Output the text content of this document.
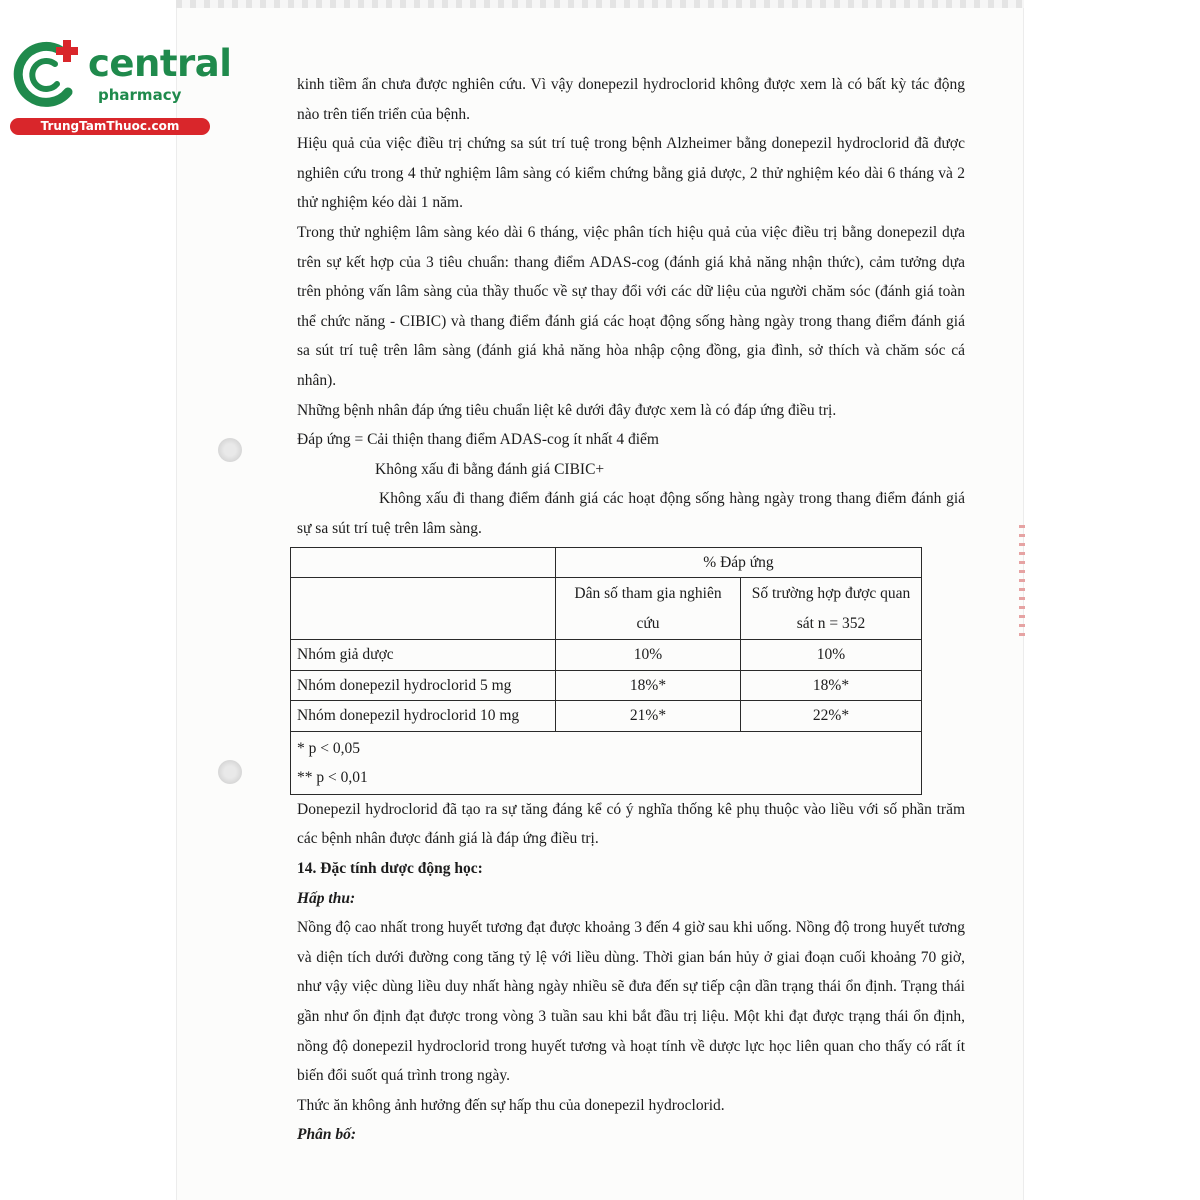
central
pharmacy
TrungTamThuoc.com

kinh tiềm ẩn chưa được nghiên cứu. Vì vậy donepezil hydroclorid không được xem là có bất kỳ tác động nào trên tiến triển của bệnh.

Hiệu quả của việc điều trị chứng sa sút trí tuệ trong bệnh Alzheimer bằng donepezil hydroclorid đã được nghiên cứu trong 4 thử nghiệm lâm sàng có kiểm chứng bằng giả dược, 2 thử nghiệm kéo dài 6 tháng và 2 thử nghiệm kéo dài 1 năm.

Trong thử nghiệm lâm sàng kéo dài 6 tháng, việc phân tích hiệu quả của việc điều trị bằng donepezil dựa trên sự kết hợp của 3 tiêu chuẩn: thang điểm ADAS-cog (đánh giá khả năng nhận thức), cảm tưởng dựa trên phỏng vấn lâm sàng của thầy thuốc về sự thay đổi với các dữ liệu của người chăm sóc (đánh giá toàn thể chức năng - CIBIC) và thang điểm đánh giá các hoạt động sống hàng ngày trong thang điểm đánh giá sa sút trí tuệ trên lâm sàng (đánh giá khả năng hòa nhập cộng đồng, gia đình, sở thích và chăm sóc cá nhân).

Những bệnh nhân đáp ứng tiêu chuẩn liệt kê dưới đây được xem là có đáp ứng điều trị.

Đáp ứng = Cải thiện thang điểm ADAS-cog ít nhất 4 điểm

Không xấu đi bằng đánh giá CIBIC+

Không xấu đi thang điểm đánh giá các hoạt động sống hàng ngày trong thang điểm đánh giá sự sa sút trí tuệ trên lâm sàng.

	% Đáp ứng	
	Dân số tham gia nghiên cứu	Số trường hợp được quan sát n = 352
Nhóm giả dược	10%	10%
Nhóm donepezil hydroclorid 5 mg	18%*	18%*
Nhóm donepezil hydroclorid 10 mg	21%*	22%*

* p < 0,05
** p < 0,01		

Donepezil hydroclorid đã tạo ra sự tăng đáng kể có ý nghĩa thống kê phụ thuộc vào liều với số phần trăm các bệnh nhân được đánh giá là đáp ứng điều trị.

14. Đặc tính dược động học:

Hấp thu:

Nồng độ cao nhất trong huyết tương đạt được khoảng 3 đến 4 giờ sau khi uống. Nồng độ trong huyết tương và diện tích dưới đường cong tăng tỷ lệ với liều dùng. Thời gian bán hủy ở giai đoạn cuối khoảng 70 giờ, như vậy việc dùng liều duy nhất hàng ngày nhiều sẽ đưa đến sự tiếp cận dần trạng thái ổn định. Trạng thái gần như ổn định đạt được trong vòng 3 tuần sau khi bắt đầu trị liệu. Một khi đạt được trạng thái ổn định, nồng độ donepezil hydroclorid trong huyết tương và hoạt tính về dược lực học liên quan cho thấy có rất ít biến đổi suốt quá trình trong ngày.

Thức ăn không ảnh hưởng đến sự hấp thu của donepezil hydroclorid.

Phân bố:
